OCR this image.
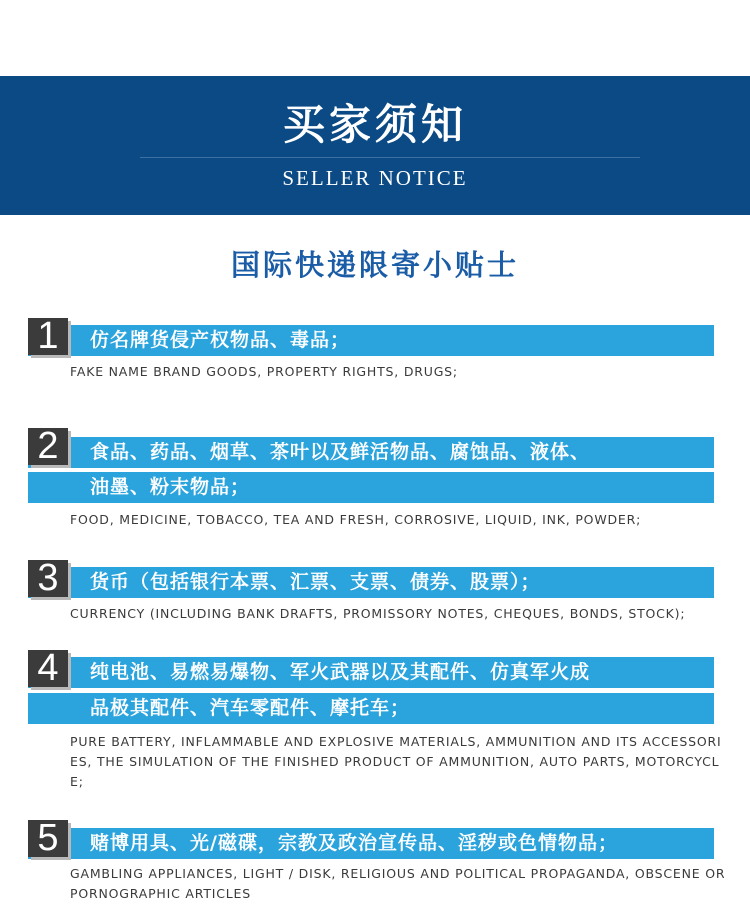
买家须知
SELLER NOTICE
国际快递限寄小贴士
仿名牌货侵产权物品、毒品；
1
FAKE NAME BRAND GOODS, PROPERTY RIGHTS, DRUGS;
食品、药品、烟草、茶叶以及鲜活物品、腐蚀品、液体、
2
油墨、粉末物品；
FOOD, MEDICINE, TOBACCO, TEA AND FRESH, CORROSIVE, LIQUID, INK, POWDER;
货币（包括银行本票、汇票、支票、债券、股票）；
3
CURRENCY (INCLUDING BANK DRAFTS, PROMISSORY NOTES, CHEQUES, BONDS, STOCK);
纯电池、易燃易爆物、军火武器以及其配件、仿真军火成
4
品极其配件、汽车零配件、摩托车；
PURE BATTERY, INFLAMMABLE AND EXPLOSIVE MATERIALS, AMMUNITION AND ITS ACCESSORIES, THE SIMULATION OF THE FINISHED PRODUCT OF AMMUNITION, AUTO PARTS, MOTORCYCLE;
赌博用具、光/磁碟，宗教及政治宣传品、淫秽或色情物品；
5
GAMBLING APPLIANCES, LIGHT / DISK, RELIGIOUS AND POLITICAL PROPAGANDA, OBSCENE OR PORNOGRAPHIC ARTICLES
